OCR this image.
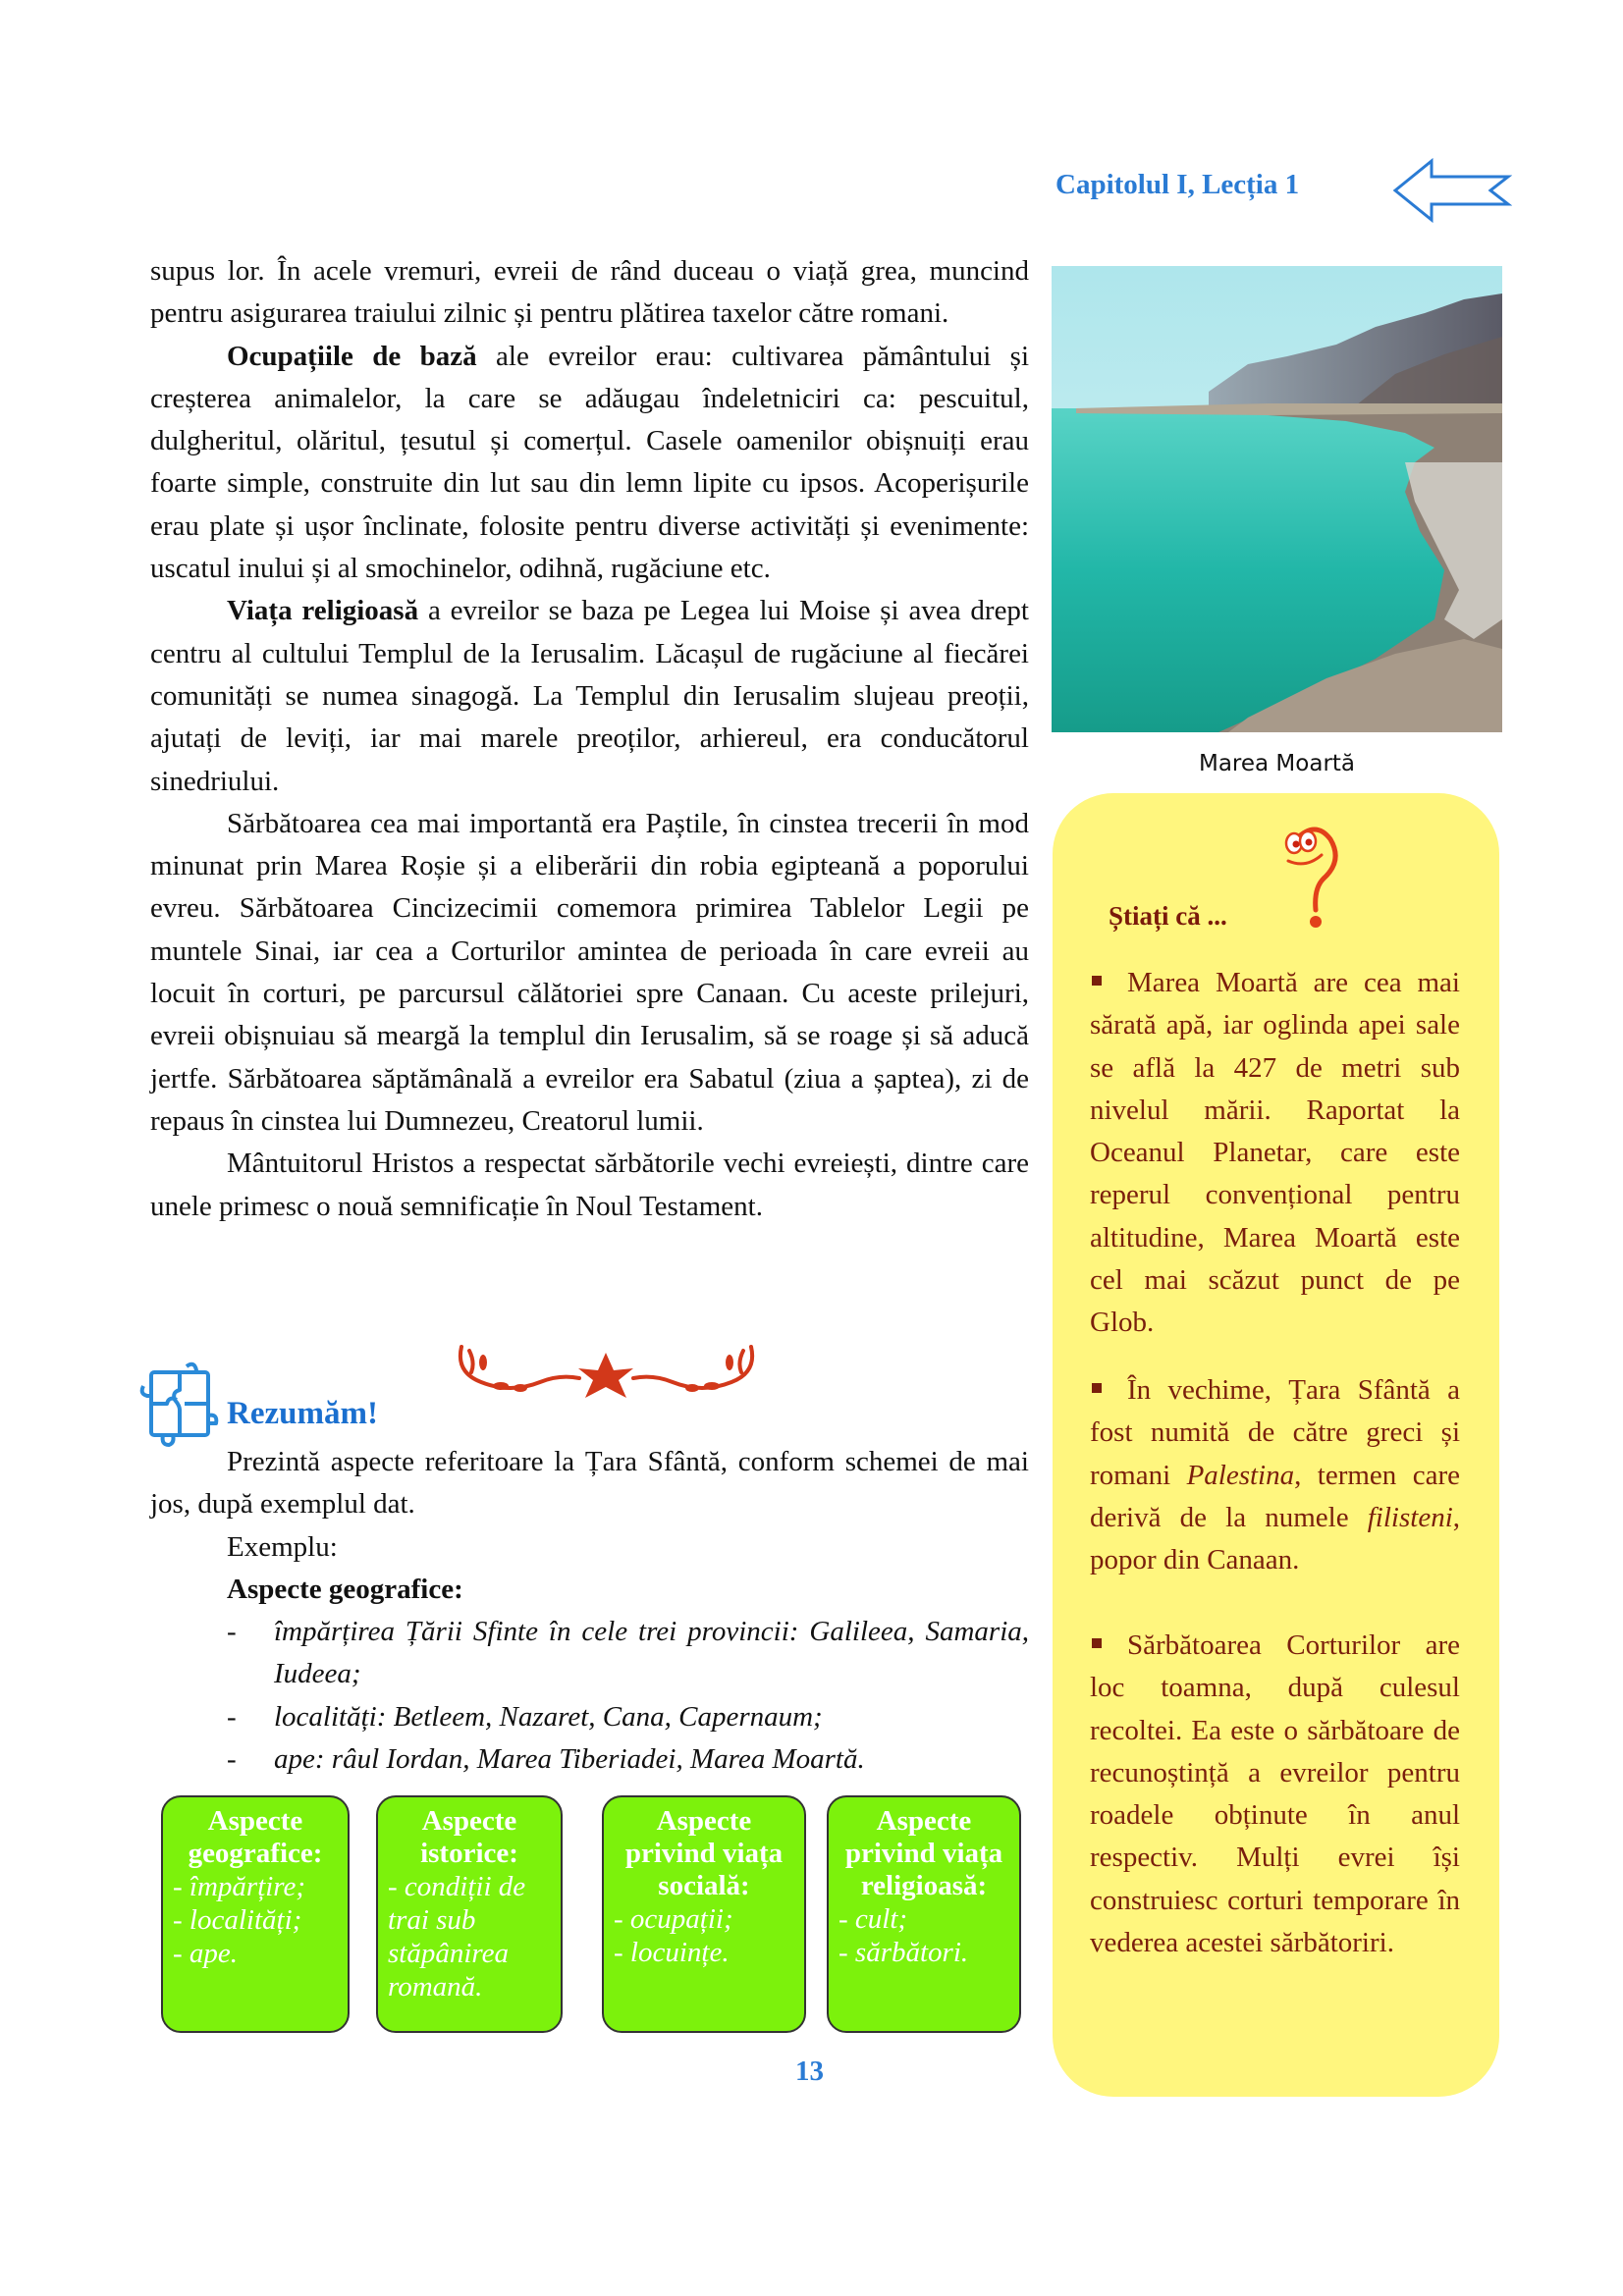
Capitolul I, Lecția 1

supus lor. În acele vremuri, evreii de rând duceau o viață grea, muncind pentru asigurarea traiului zilnic și pentru plătirea taxelor către romani.

Ocupațiile de bază ale evreilor erau: cultivarea pământului și creșterea animalelor, la care se adăugau îndeletniciri ca: pescuitul, dulgheritul, olăritul, țesutul și comerțul. Casele oamenilor obișnuiți erau foarte simple, construite din lut sau din lemn lipite cu ipsos. Acoperișurile erau plate și ușor înclinate, folosite pentru diverse activități și evenimente: uscatul inului și al smochinelor, odihnă, rugăciune etc.

Viața religioasă a evreilor se baza pe Legea lui Moise și avea drept centru al cultului Templul de la Ierusalim. Lăcașul de rugăciune al fiecărei comunități se numea sinagogă. La Templul din Ierusalim slujeau preoții, ajutați de leviți, iar mai marele preoților, arhiereul, era conducătorul sinedriului.

Sărbătoarea cea mai importantă era Paștile, în cinstea trecerii în mod minunat prin Marea Roșie și a eliberării din robia egipteană a poporului evreu. Sărbătoarea Cincizecimii comemora primirea Tablelor Legii pe muntele Sinai, iar cea a Corturilor amintea de perioada în care evreii au locuit în corturi, pe parcursul călătoriei spre Canaan. Cu aceste prilejuri, evreii obișnuiau să meargă la templul din Ierusalim, să se roage și să aducă jertfe. Sărbătoarea săptămânală a evreilor era Sabatul (ziua a șaptea), zi de repaus în cinstea lui Dumnezeu, Creatorul lumii.

Mântuitorul Hristos a respectat sărbătorile vechi evreiești, dintre care unele primesc o nouă semnificație în Noul Testament.

Marea Moartă
Știați că ...
Marea Moartă are cea mai sărată apă, iar oglinda apei sale se află la 427 de metri sub nivelul mării. Raportat la Oceanul Planetar, care este reperul convențional pentru altitudine, Marea Moartă este cel mai scăzut punct de pe Glob.
În vechime, Țara Sfântă a fost numită de către greci și romani Palestina, termen care derivă de la numele filisteni, popor din Canaan.
Sărbătoarea Corturilor are loc toamna, după culesul recoltei. Ea este o sărbătoare de recunoștință a evreilor pentru roadele obținute în anul respectiv. Mulți evrei își construiesc corturi temporare în vederea acestei sărbătoriri.
Rezumăm!

Prezintă aspecte referitoare la Țara Sfântă, conform schemei de mai jos, după exemplul dat.

Exemplu:

Aspecte geografice:

-	împărțirea Țării Sfinte în cele trei provincii: Galileea, Samaria, Iudeea;
-	localități: Betleem, Nazaret, Cana, Capernaum;
-	ape: râul Iordan, Marea Tiberiadei, Marea Moartă.
Aspecte geografice:
- împărțire;
- localități;
- ape.
Aspecte istorice:
- condiții de trai sub stăpânirea romană.
Aspecte privind viața socială:
- ocupații;
- locuințe.
Aspecte privind viața religioasă:
- cult;
- sărbători.
13
